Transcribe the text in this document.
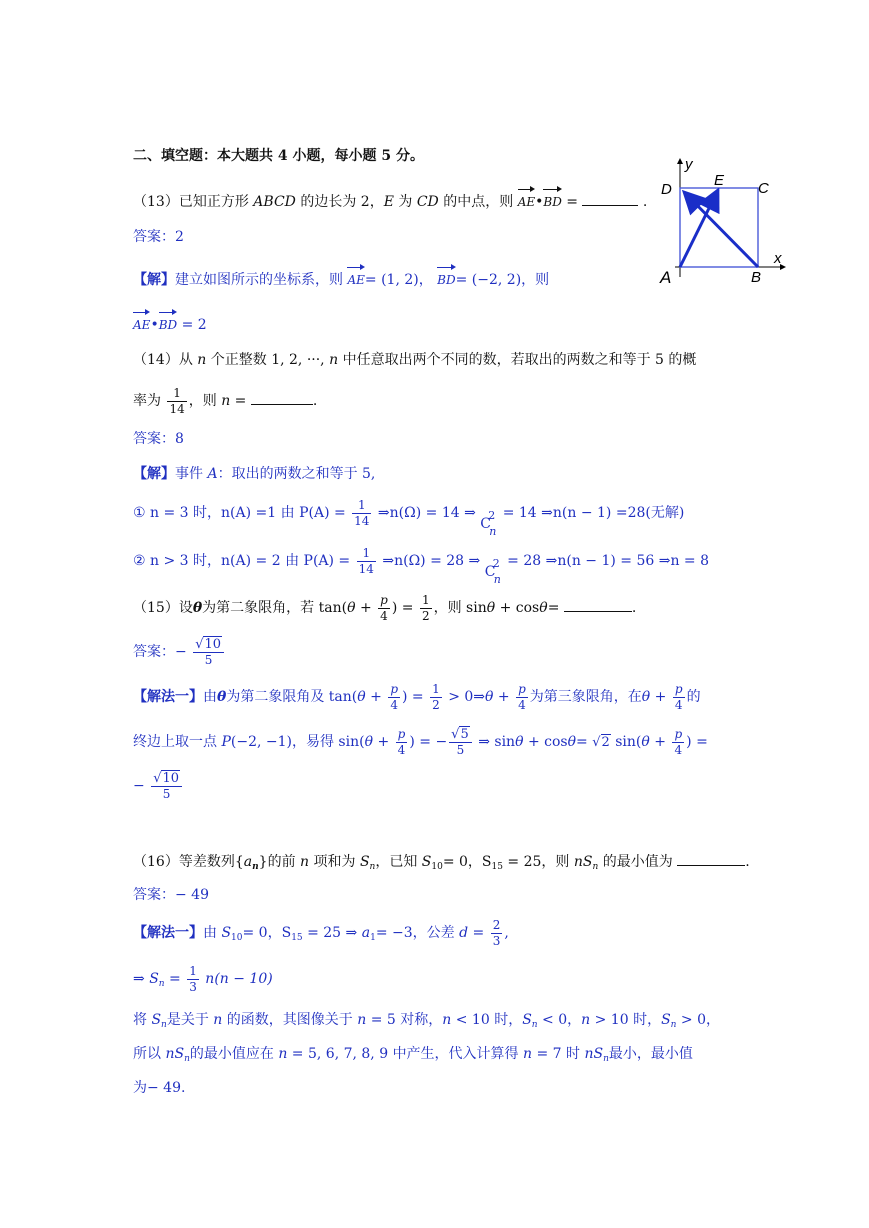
二、填空题：本大题共 4 小题，每小题 5 分。
（13）已知正方形 ABCD 的边长为 2，E 为 CD 的中点，则 AE•BD =	.
答案：2
【解】建立如图所示的坐标系，则 AE= (1, 2)， BD= (−2, 2)，则
AE•BD = 2
y
D
E C
x
A	B
（14）从 n 个正整数 1, 2, ···, n 中任意取出两个不同的数，若取出的两数之和等于 5 的概
率为 $\frac{1}{14}$ ，则 n =	.
答案：8
【解】事件 A：取出的两数之和等于 5,
① n = 3 时，n(A) =1 由 $P(A) = \frac{1}{14}$ ⇒n(Ω) = 14 ⇒
C
2
n
= 14 ⇒n(n − 1) =28(无解)
② n > 3 时，n(A) = 2 由 $P(A) = \frac{1}{14}$ ⇒n(Ω) = 28 ⇒
C
2
n
= 28 ⇒n(n − 1) = 56 ⇒n = 8
（15）设θ为第二象限角，若 $\tan(\theta + \frac{p}{4}$ ) = $\frac{1}{2}$ ，则 sinθ + cosθ=	.
答案：− $\frac{√10}{5}$
【解法一】由θ为第二象限角及 $\tan(\theta + \frac{p}{4}$ ) = $\frac{1}{2}$ > 0⇒θ + $\frac{p}{4}$ 为第三象限角，在$\theta + \frac{p}{4}$ 的
终边上取一点 P(−2, −1)，易得 $\sin(\theta + \frac{p}{4}$ ) = − $\frac{√5}{5}$ ⇒ sinθ + cosθ= √2 $\sin(\theta + \frac{p}{4}$ ) =
− $\frac{√10}{5}$
（16）等差数列$\{a_n\}$的前 n 项和为 $S_n$，已知 $S_{10}= 0$，$S_{15} = 25$，则 $nS_n$ 的最小值为	.
答案：− 49
【解法一】由 $S_{10}= 0$，$S_{15} = 25$ ⇒ $a_1= -3$，公差 $d = \frac{2}{3}$ ,
⇒ $S_n = \frac{1}{3} n(n - 10)$
将 $S_n$是关于 n 的函数，其图像关于 n = 5 对称，n < 10 时，$S_n < 0$，n > 10 时，$S_n > 0$，
所以 $nS_n$的最小值应在 n = 5, 6, 7, 8, 9 中产生，代入计算得 n = 7 时 $nS_n$最小，最小值
为− 49.
